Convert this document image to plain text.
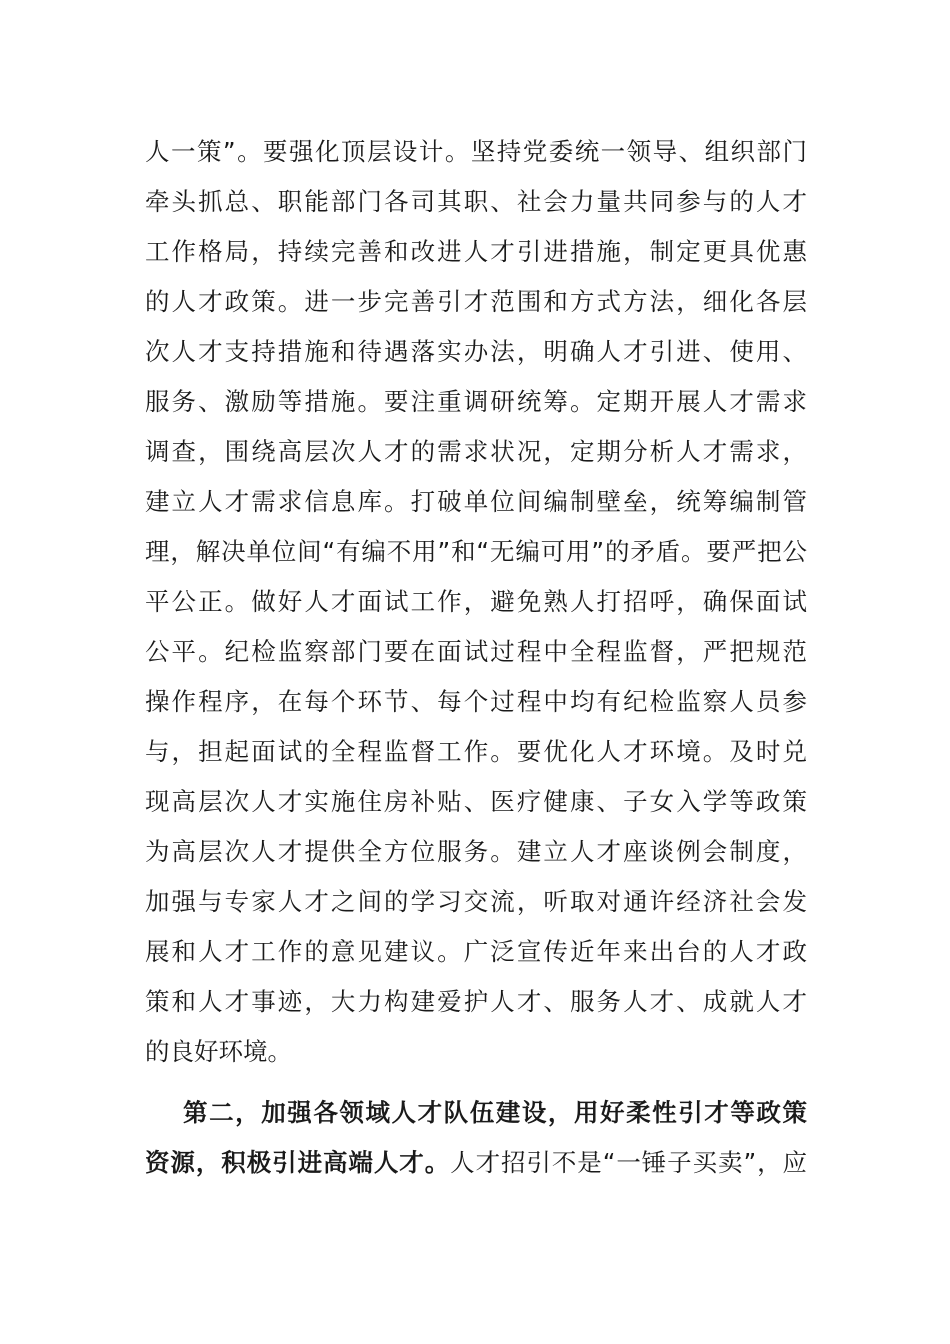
人一策”。要强化顶层设计。坚持党委统一领导、组织部门
牵头抓总、职能部门各司其职、社会力量共同参与的人才
工作格局，持续完善和改进人才引进措施，制定更具优惠
的人才政策。进一步完善引才范围和方式方法，细化各层
次人才支持措施和待遇落实办法，明确人才引进、使用、
服务、激励等措施。要注重调研统筹。定期开展人才需求
调查，围绕高层次人才的需求状况，定期分析人才需求，
建立人才需求信息库。打破单位间编制壁垒，统筹编制管
理，解决单位间“有编不用”和“无编可用”的矛盾。要严把公
平公正。做好人才面试工作，避免熟人打招呼，确保面试
公平。纪检监察部门要在面试过程中全程监督，严把规范
操作程序，在每个环节、每个过程中均有纪检监察人员参
与，担起面试的全程监督工作。要优化人才环境。及时兑
现高层次人才实施住房补贴、医疗健康、子女入学等政策
为高层次人才提供全方位服务。建立人才座谈例会制度，
加强与专家人才之间的学习交流，听取对通许经济社会发
展和人才工作的意见建议。广泛宣传近年来出台的人才政
策和人才事迹，大力构建爱护人才、服务人才、成就人才
的良好环境。
第二，加强各领域人才队伍建设，用好柔性引才等政策
资源，积极引进高端人才。人才招引不是“一锤子买卖”，应
